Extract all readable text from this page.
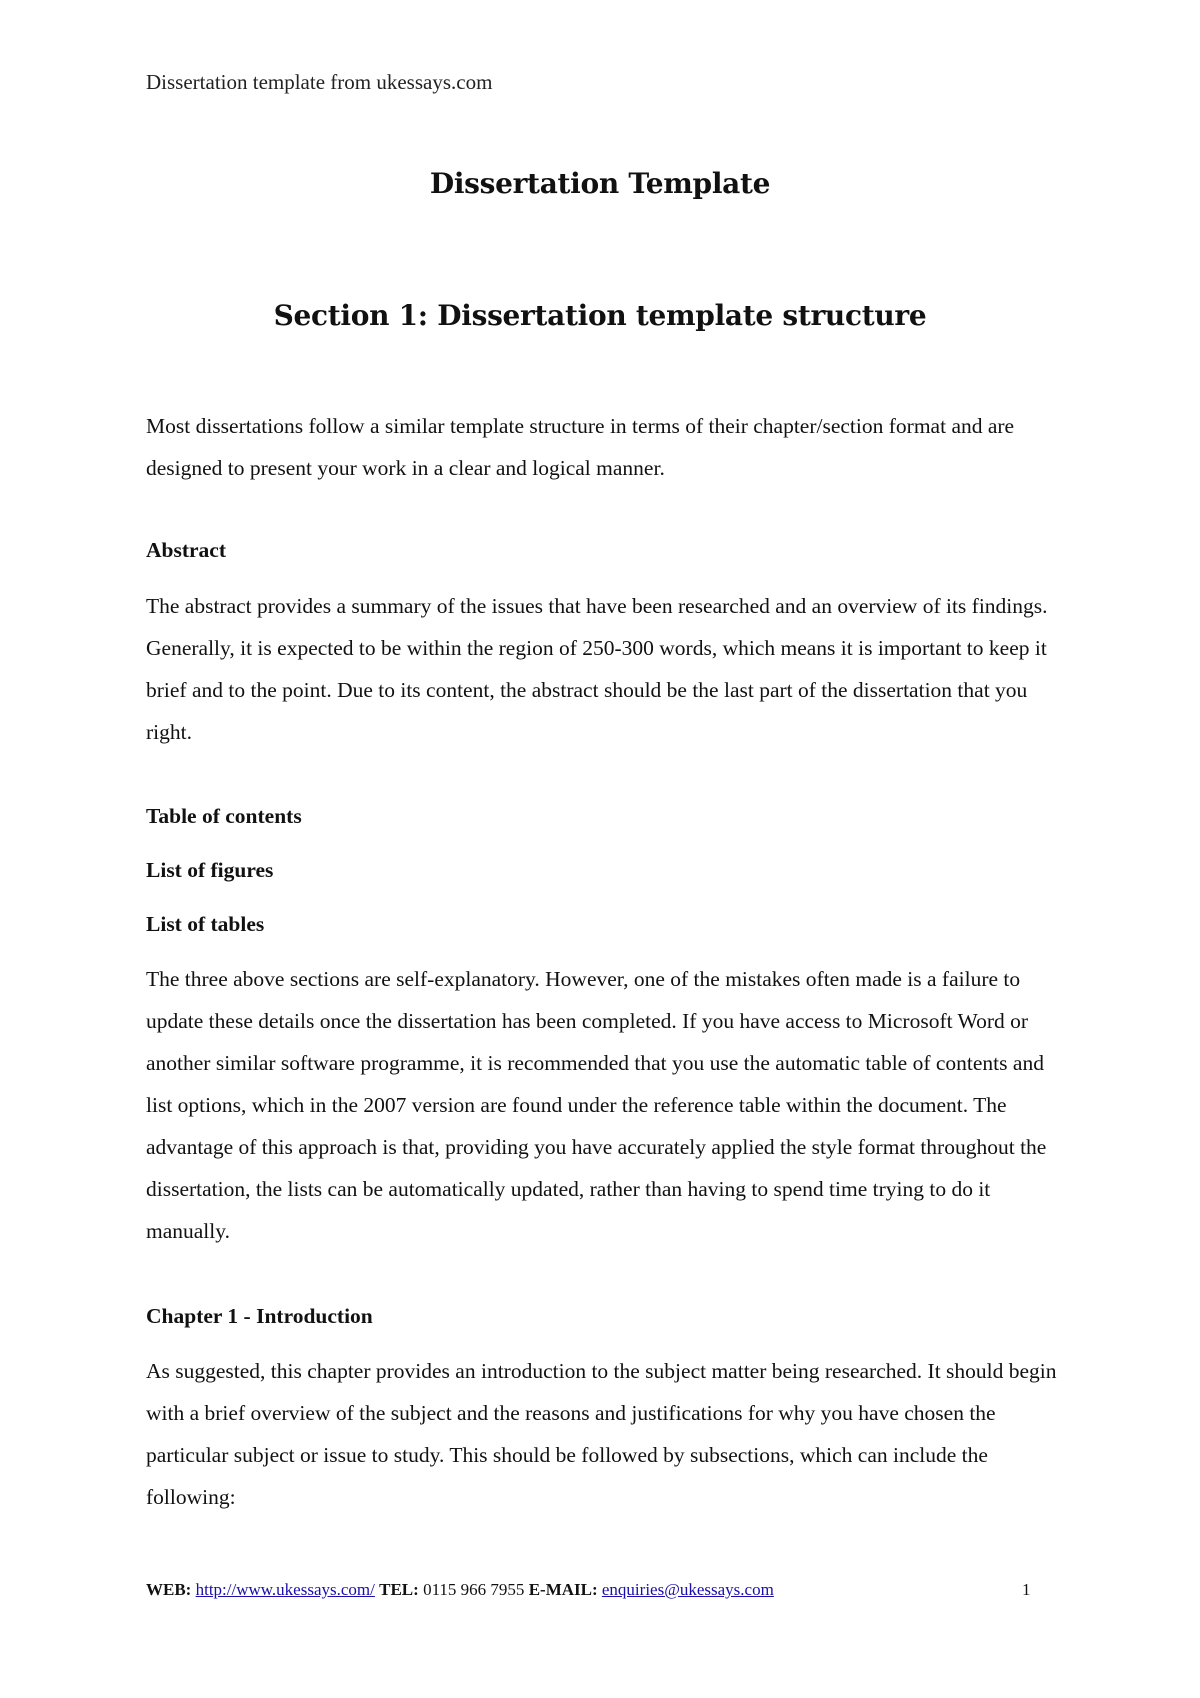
Dissertation template from ukessays.com
Dissertation Template
Section 1: Dissertation template structure

Most dissertations follow a similar template structure in terms of their chapter/section format and are designed to present your work in a clear and logical manner.

Abstract

The abstract provides a summary of the issues that have been researched and an overview of its findings. Generally, it is expected to be within the region of 250-300 words, which means it is important to keep it brief and to the point. Due to its content, the abstract should be the last part of the dissertation that you right.

Table of contents
List of figures
List of tables

The three above sections are self-explanatory. However, one of the mistakes often made is a failure to update these details once the dissertation has been completed. If you have access to Microsoft Word or another similar software programme, it is recommended that you use the automatic table of contents and list options, which in the 2007 version are found under the reference table within the document. The advantage of this approach is that, providing you have accurately applied the style format throughout the dissertation, the lists can be automatically updated, rather than having to spend time trying to do it manually.

Chapter 1 - Introduction

As suggested, this chapter provides an introduction to the subject matter being researched. It should begin with a brief overview of the subject and the reasons and justifications for why you have chosen the particular subject or issue to study. This should be followed by subsections, which can include the following:

WEB: http://www.ukessays.com/ TEL: 0115 966 7955 E-MAIL: enquiries@ukessays.com	1
